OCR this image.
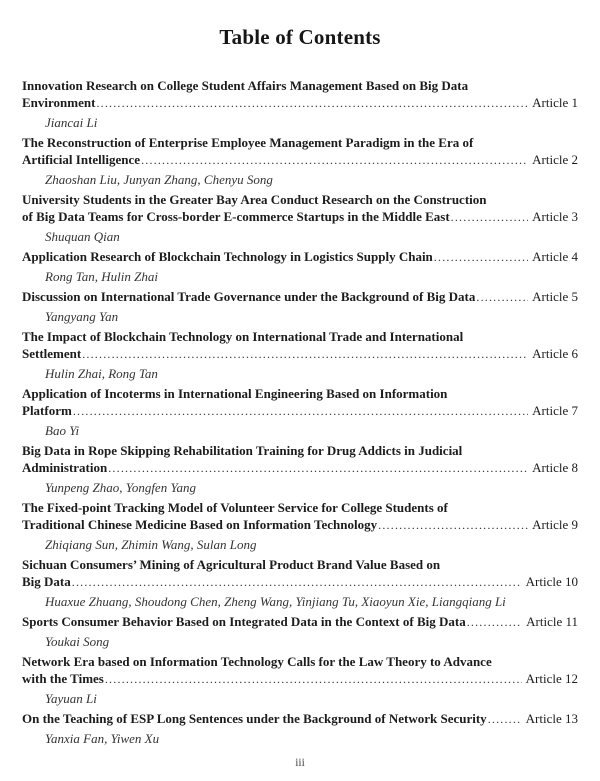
Table of Contents
Innovation Research on College Student Affairs Management Based on Big Data
Environment .....	Article 1
Jiancai Li
The Reconstruction of Enterprise Employee Management Paradigm in the Era of
Artificial Intelligence .....	Article 2
Zhaoshan Liu, Junyan Zhang, Chenyu Song
University Students in the Greater Bay Area Conduct Research on the Construction
of Big Data Teams for Cross-border E-commerce Startups in the Middle East .....	Article 3
Shuquan Qian
Application Research of Blockchain Technology in Logistics Supply Chain .....	Article 4
Rong Tan, Hulin Zhai
Discussion on International Trade Governance under the Background of Big Data .....	Article 5
Yangyang Yan
The Impact of Blockchain Technology on International Trade and International
Settlement .....	Article 6
Hulin Zhai, Rong Tan
Application of Incoterms in International Engineering Based on Information
Platform .....	Article 7
Bao Yi
Big Data in Rope Skipping Rehabilitation Training for Drug Addicts in Judicial
Administration .....	Article 8
Yunpeng Zhao, Yongfen Yang
The Fixed-point Tracking Model of Volunteer Service for College Students of
Traditional Chinese Medicine Based on Information Technology .....	Article 9
Zhiqiang Sun, Zhimin Wang, Sulan Long
Sichuan Consumers’ Mining of Agricultural Product Brand Value Based on
Big Data .....	Article 10
Huaxue Zhuang, Shoudong Chen, Zheng Wang, Yinjiang Tu, Xiaoyun Xie, Liangqiang Li
Sports Consumer Behavior Based on Integrated Data in the Context of Big Data .....	Article 11
Youkai Song
Network Era based on Information Technology Calls for the Law Theory to Advance
with the Times .....	Article 12
Yayuan Li
On the Teaching of ESP Long Sentences under the Background of Network Security .....	Article 13
Yanxia Fan, Yiwen Xu
iii
